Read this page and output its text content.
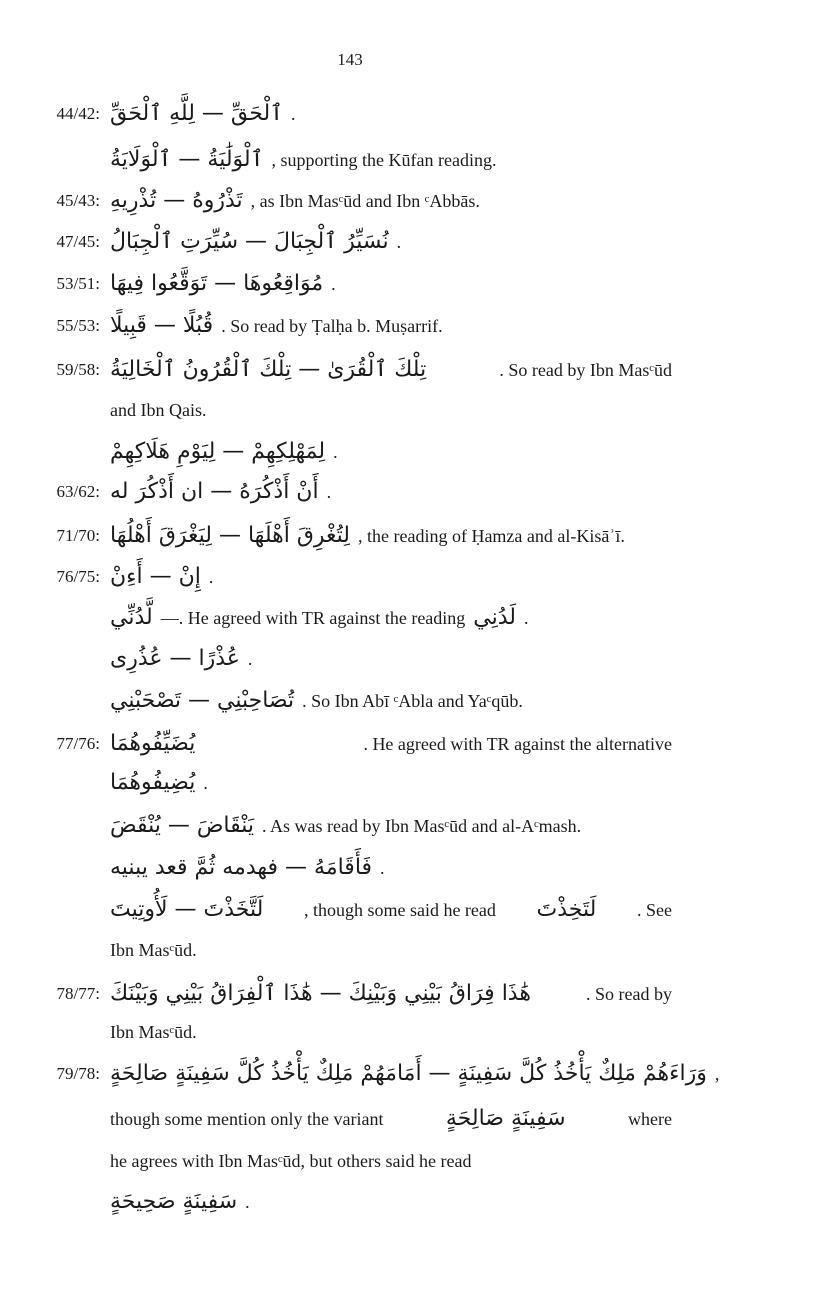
143
44/42: ٱلْحَقِّ — لِلَّهِ ٱلْحَقِّ .
ٱلْوَلَٰيَةُ — ٱلْوَلَايَةُ , supporting the Kūfan reading.
45/43: تَذْرُوهُ — تُذْرِيهِ , as Ibn Masᶜūd and Ibn ᶜAbbās.
47/45: نُسَيِّرُ ٱلْجِبَالَ — سُيِّرَتِ ٱلْجِبَالُ .
53/51: مُوَاقِعُوهَا — تَوَقَّعُوا فِيهَا .
55/53: قُبُلًا — قَبِيلًا . So read by Ṭalḥa b. Muṣarrif.
59/58: تِلْكَ ٱلْقُرَىٰ — تِلْكَ ٱلْقُرُونُ ٱلْخَالِيَةُ	. So read by Ibn Masᶜūd
and Ibn Qais.
لِمَهْلِكِهِمْ — لِيَوْمِ هَلَاكِهِمْ .
63/62: أَنْ أَذْكُرَهُ — ان أَذْكُرَ له .
71/70: لِتُغْرِقَ أَهْلَهَا — لِيَغْرَقَ أَهْلُهَا , the reading of Ḥamza and al-Kisāʾī.
76/75: إِنْ — أَءِنْ .
لَّدُنِّي —. He agreed with TR against the reading لَدُنِي .
عُذْرًا — عُذُرِى .
تُصَاحِبْنِي — تَصْحَبْنِي . So Ibn Abī ᶜAbla and Yaᶜqūb.
77/76: يُضَيِّفُوهُمَا	. He agreed with TR against the alternative
يُضِيفُوهُمَا .
يَنْقَاضَ — يُنْقَضَ . As was read by Ibn Masᶜūd and al-Aᶜmash.
فَأَقَامَهُ — فهدمه ثُمَّ قعد يبنيه .
لَتَّخَذْتَ — لَأُوتِيتَ , though some said he read لَتَخِذْتَ . See
Ibn Masᶜūd.
78/77: هَٰذَا فِرَاقُ بَيْنِي وَبَيْنِكَ — هَٰذَا ٱلْفِرَاقُ بَيْنِي وَبَيْنَكَ	. So read by
Ibn Masᶜūd.
79/78: وَرَاءَهُمْ مَلِكٌ يَأْخُذُ كُلَّ سَفِينَةٍ — أَمَامَهُمْ مَلِكٌ يَأْخُذُ كُلَّ سَفِينَةٍ صَالِحَةٍ ,
though some mention only the variant	سَفِينَةٍ صَالِحَةٍ	where
he agrees with Ibn Masᶜūd, but others said he read
سَفِينَةٍ صَحِيحَةٍ .
